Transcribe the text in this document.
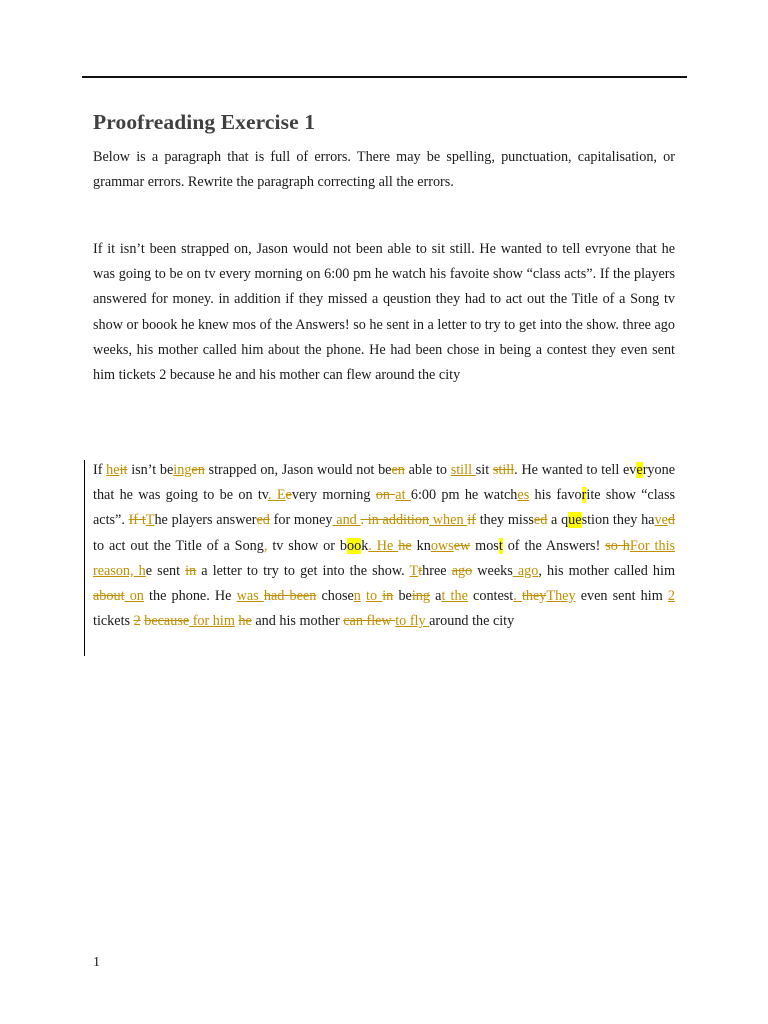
Proofreading Exercise 1

Below is a paragraph that is full of errors. There may be spelling, punctuation, capitalisation, or grammar errors. Rewrite the paragraph correcting all the errors.

If it isn’t been strapped on, Jason would not been able to sit still. He wanted to tell evryone that he was going to be on tv every morning on 6:00 pm he watch his favoite show “class acts”. If the players answered for money. in addition if they missed a qeustion they had to act out the Title of a Song tv show or boook he knew mos of the Answers! so he sent in a letter to try to get into the show. three ago weeks, his mother called him about the phone. He had been chose in being a contest they even sent him tickets 2 because he and his mother can flew around the city

If heit isn’t beingen strapped on, Jason would not been able to still sit still. He wanted to tell everyone that he was going to be on tv. Eevery morning on at 6:00 pm he watches his favorite show “class acts”. If tThe players answered for money and . in addition when if they missed a question they haved to act out the Title of a Song, tv show or book. He he knowsew most of the Answers! so hFor this reason, he sent in a letter to try to get into the show. Tthree ago weeks ago, his mother called him about on the phone. He was had been chosen to in being at the contest. theyThey even sent him 2 tickets 2 because for him he and his mother can flew to fly around the city

1
